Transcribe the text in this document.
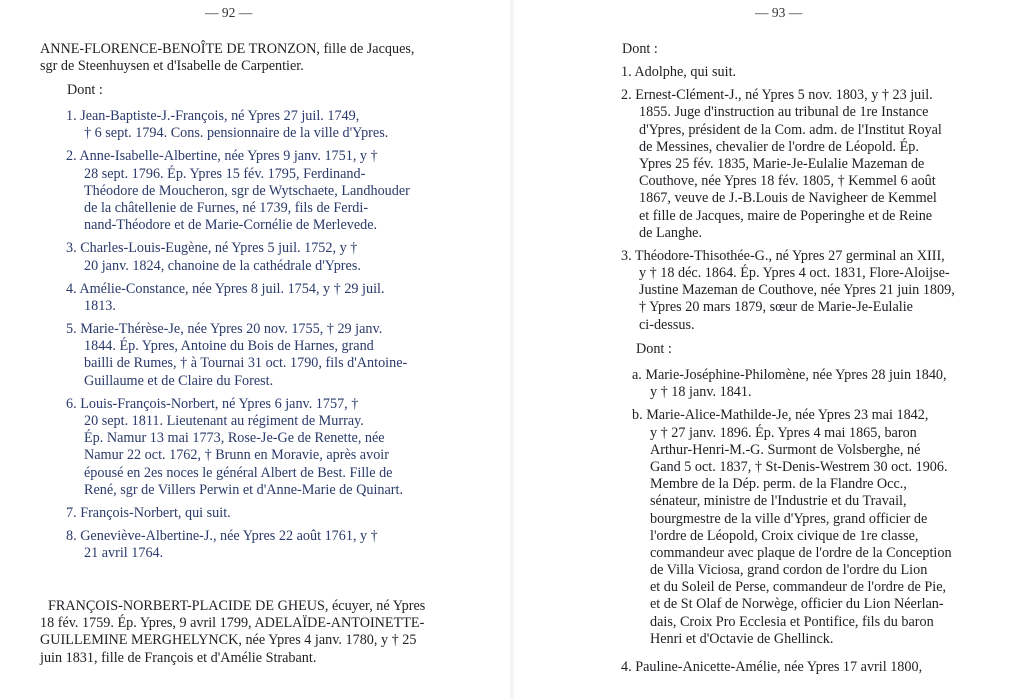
— 92 —
ANNE-FLORENCE-BENOÎTE DE TRONZON, fille de Jacques,
sgr de Steenhuysen et d'Isabelle de Carpentier.
Dont :
1. Jean-Baptiste-J.-François, né Ypres 27 juil. 1749,
† 6 sept. 1794. Cons. pensionnaire de la ville d'Ypres.
2. Anne-Isabelle-Albertine, née Ypres 9 janv. 1751, y †
28 sept. 1796. Ép. Ypres 15 fév. 1795, Ferdinand-
Théodore de Moucheron, sgr de Wytschaete, Landhouder
de la châtellenie de Furnes, né 1739, fils de Ferdi-
nand-Théodore et de Marie-Cornélie de Merlevede.
3. Charles-Louis-Eugène, né Ypres 5 juil. 1752, y †
20 janv. 1824, chanoine de la cathédrale d'Ypres.
4. Amélie-Constance, née Ypres 8 juil. 1754, y † 29 juil.
1813.
5. Marie-Thérèse-Je, née Ypres 20 nov. 1755, † 29 janv.
1844. Ép. Ypres, Antoine du Bois de Harnes, grand
bailli de Rumes, † à Tournai 31 oct. 1790, fils d'Antoine-
Guillaume et de Claire du Forest.
6. Louis-François-Norbert, né Ypres 6 janv. 1757, †
20 sept. 1811. Lieutenant au régiment de Murray.
Ép. Namur 13 mai 1773, Rose-Je-Ge de Renette, née
Namur 22 oct. 1762, † Brunn en Moravie, après avoir
épousé en 2es noces le général Albert de Best. Fille de
René, sgr de Villers Perwin et d'Anne-Marie de Quinart.
7. François-Norbert, qui suit.
8. Geneviève-Albertine-J., née Ypres 22 août 1761, y †
21 avril 1764.
FRANÇOIS-NORBERT-PLACIDE DE GHEUS, écuyer, né Ypres
18 fév. 1759. Ép. Ypres, 9 avril 1799, ADELAÏDE-ANTOINETTE-
GUILLEMINE MERGHELYNCK, née Ypres 4 janv. 1780, y † 25
juin 1831, fille de François et d'Amélie Strabant.
— 93 —
Dont :
1. Adolphe, qui suit.
2. Ernest-Clément-J., né Ypres 5 nov. 1803, y † 23 juil.
1855. Juge d'instruction au tribunal de 1re Instance
d'Ypres, président de la Com. adm. de l'Institut Royal
de Messines, chevalier de l'ordre de Léopold. Ép.
Ypres 25 fév. 1835, Marie-Je-Eulalie Mazeman de
Couthove, née Ypres 18 fév. 1805, † Kemmel 6 août
1867, veuve de J.-B.Louis de Navigheer de Kemmel
et fille de Jacques, maire de Poperinghe et de Reine
de Langhe.
3. Théodore-Thisothée-G., né Ypres 27 germinal an XIII,
y † 18 déc. 1864. Ép. Ypres 4 oct. 1831, Flore-Aloijse-
Justine Mazeman de Couthove, née Ypres 21 juin 1809,
† Ypres 20 mars 1879, sœur de Marie-Je-Eulalie
ci-dessus.
Dont :
a. Marie-Joséphine-Philomène, née Ypres 28 juin 1840,
y † 18 janv. 1841.
b. Marie-Alice-Mathilde-Je, née Ypres 23 mai 1842,
y † 27 janv. 1896. Ép. Ypres 4 mai 1865, baron
Arthur-Henri-M.-G. Surmont de Volsberghe, né
Gand 5 oct. 1837, † St-Denis-Westrem 30 oct. 1906.
Membre de la Dép. perm. de la Flandre Occ.,
sénateur, ministre de l'Industrie et du Travail,
bourgmestre de la ville d'Ypres, grand officier de
l'ordre de Léopold, Croix civique de 1re classe,
commandeur avec plaque de l'ordre de la Conception
de Villa Viciosa, grand cordon de l'ordre du Lion
et du Soleil de Perse, commandeur de l'ordre de Pie,
et de St Olaf de Norwège, officier du Lion Néerlan-
dais, Croix Pro Ecclesia et Pontifice, fils du baron
Henri et d'Octavie de Ghellinck.
4. Pauline-Anicette-Amélie, née Ypres 17 avril 1800,
